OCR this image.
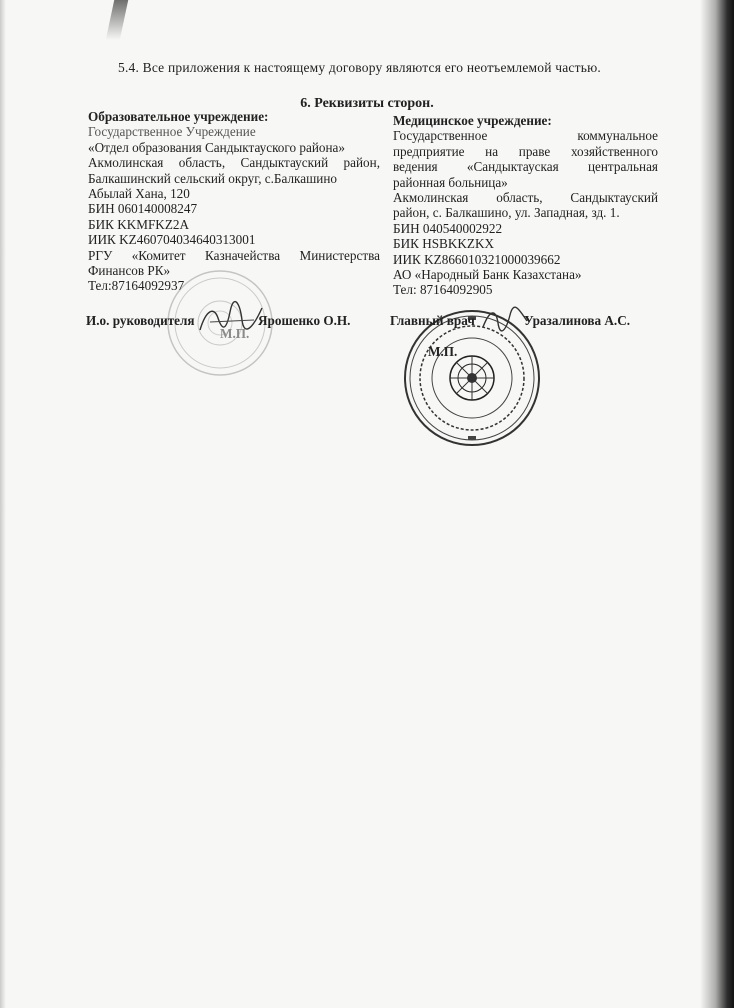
5.4. Все приложения к настоящему договору являются его неотъемлемой частью.
6. Реквизиты сторон.
Образовательное учреждение:
Государственное Учреждение
«Отдел образования Сандыктауского района»
Акмолинская область, Сандыктауский район,
Балкашинский сельский округ, с.Балкашино
Абылай Хана, 120
БИН 060140008247
БИК KKMFKZ2A
ИИК KZ460704034640313001
РГУ «Комитет Казначейства Министерства
Финансов РК»
Тел:87164092937
Медицинское учреждение:
Государственное коммунальное
предприятие на праве хозяйственного
ведения «Сандыктауская центральная
районная больница»
Акмолинская область, Сандыктауский
район, с. Балкашино, ул. Западная, зд. 1.
БИН 040540002922
БИК HSBKKZKX
ИИК KZ866010321000039662
АО «Народный Банк Казахстана»
Тел: 87164092905
И.о. руководителя	Ярошенко О.Н.	Главный врач	Уразалинова А.С.
М.П.
М.П.
